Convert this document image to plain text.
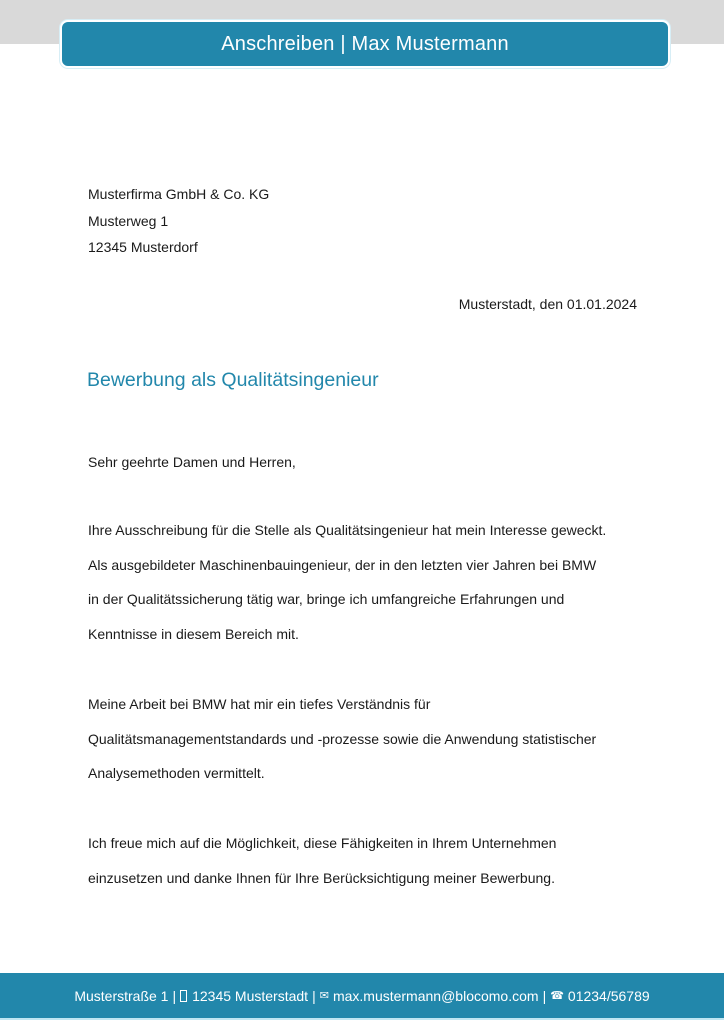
Anschreiben | Max Mustermann
Musterfirma GmbH & Co. KG
Musterweg 1
12345 Musterdorf
Musterstadt, den 01.01.2024
Bewerbung als Qualitätsingenieur
Sehr geehrte Damen und Herren,
Ihre Ausschreibung für die Stelle als Qualitätsingenieur hat mein Interesse geweckt.
Als ausgebildeter Maschinenbauingenieur, der in den letzten vier Jahren bei BMW
in der Qualitätssicherung tätig war, bringe ich umfangreiche Erfahrungen und
Kenntnisse in diesem Bereich mit.
Meine Arbeit bei BMW hat mir ein tiefes Verständnis für
Qualitätsmanagementstandards und -prozesse sowie die Anwendung statistischer
Analysemethoden vermittelt.
Ich freue mich auf die Möglichkeit, diese Fähigkeiten in Ihrem Unternehmen
einzusetzen und danke Ihnen für Ihre Berücksichtigung meiner Bewerbung.
Musterstraße 1 | 12345 Musterstadt | ✉ max.mustermann@blocomo.com | ☎ 01234/56789
